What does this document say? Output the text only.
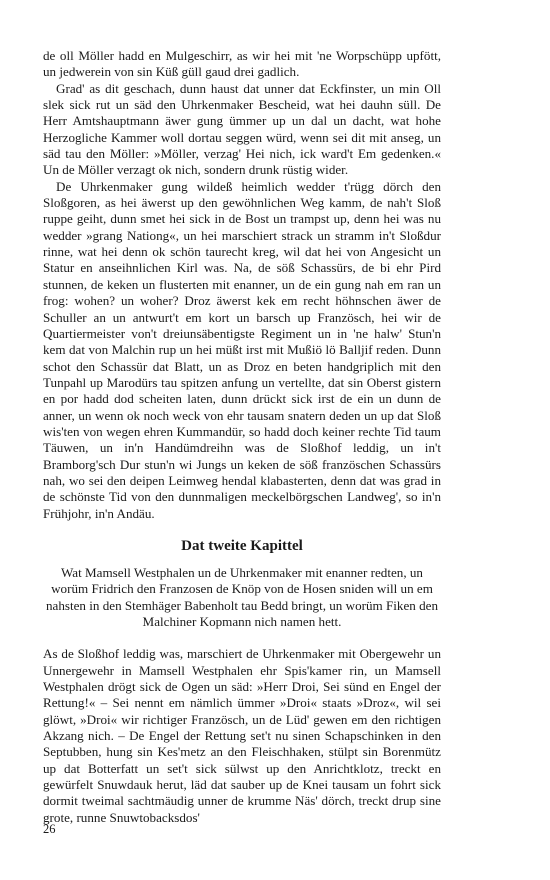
de oll Möller hadd en Mulgeschirr, as wir hei mit 'ne Worpschüpp upfött, un jedwerein von sin Küß güll gaud drei gadlich.

Grad' as dit geschach, dunn haust dat unner dat Eckfinster, un min Oll slek sick rut un säd den Uhrkenmaker Bescheid, wat hei dauhn süll. De Herr Amtshauptmann äwer gung ümmer up un dal un dacht, wat hohe Herzogliche Kammer woll dortau seggen würd, wenn sei dit mit anseg, un säd tau den Möller: »Möller, verzag' Hei nich, ick ward't Em gedenken.« Un de Möller verzagt ok nich, sondern drunk rüstig wider.

De Uhrkenmaker gung wildeß heimlich wedder t'rügg dörch den Sloßgoren, as hei äwerst up den gewöhnlichen Weg kamm, de nah't Sloß ruppe geiht, dunn smet hei sick in de Bost un trampst up, denn hei was nu wedder »grang Nationg«, un hei marschiert strack un stramm in't Sloßdur rinne, wat hei denn ok schön taurecht kreg, wil dat hei von Angesicht un Statur en anseihnlichen Kirl was. Na, de söß Schassürs, de bi ehr Pird stunnen, de keken un flusterten mit enanner, un de ein gung nah em ran un frog: wohen? un woher? Droz äwerst kek em recht höhnschen äwer de Schuller an un antwurt't em kort un barsch up Französch, hei wir de Quartiermeister von't dreiunsäbentigste Regiment un in 'ne halw' Stun'n kem dat von Malchin rup un hei müßt irst mit Mußiö lö Balljif reden. Dunn schot den Schassür dat Blatt, un as Droz en beten handgriplich mit den Tunpahl up Marodürs tau spitzen anfung un vertellte, dat sin Oberst gistern en por hadd dod scheiten laten, dunn drückt sick irst de ein un dunn de anner, un wenn ok noch weck von ehr tausam snatern deden un up dat Sloß wis'ten von wegen ehren Kummandür, so hadd doch keiner rechte Tid taum Täuwen, un in'n Handümdreihn was de Sloßhof leddig, un in't Bramborg'sch Dur stun'n wi Jungs un keken de söß französchen Schassürs nah, wo sei den deipen Leimweg hendal klabasterten, denn dat was grad in de schönste Tid von den dunnmaligen meckelbörgschen Landweg', so in'n Frühjohr, in'n Andäu.

Dat tweite Kapittel

Wat Mamsell Westphalen un de Uhrkenmaker mit enanner redten, un worüm Fridrich den Franzosen de Knöp von de Hosen sniden will un em nahsten in den Stemhäger Babenholt tau Bedd bringt, un worüm Fiken den Malchiner Kopmann nich namen hett.

As de Sloßhof leddig was, marschiert de Uhrkenmaker mit Obergewehr un Unnergewehr in Mamsell Westphalen ehr Spis'kamer rin, un Mamsell Westphalen drögt sick de Ogen un säd: »Herr Droi, Sei sünd en Engel der Rettung!« – Sei nennt em nämlich ümmer »Droi« staats »Droz«, wil sei glöwt, »Droi« wir richtiger Französch, un de Lüd' gewen em den richtigen Akzang nich. – De Engel der Rettung set't nu sinen Schapschinken in den Septubben, hung sin Kes'metz an den Fleischhaken, stülpt sin Borenmütz up dat Botterfatt un set't sick sülwst up den Anrichtklotz, treckt en gewürfelt Snuwdauk herut, läd dat sauber up de Knei tausam un fohrt sick dormit tweimal sachtmäudig unner de krumme Näs' dörch, treckt drup sine grote, runne Snuwtobacksdos'

26
